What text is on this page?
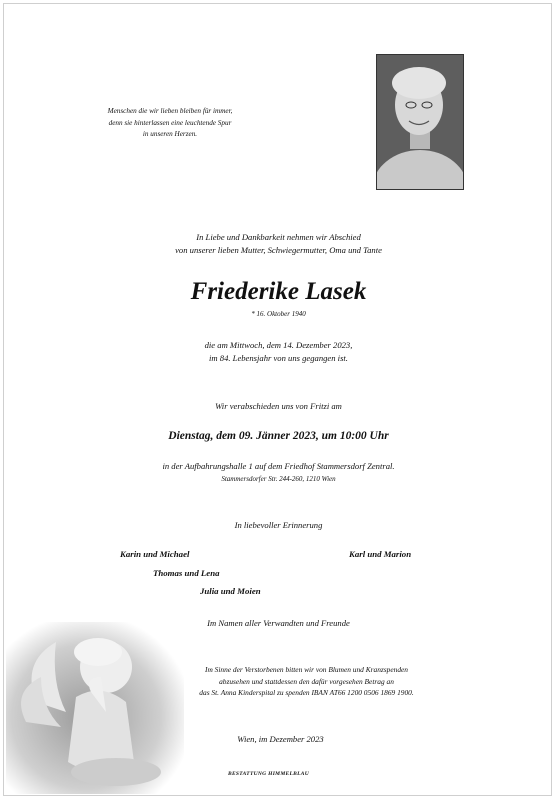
Menschen die wir lieben bleiben für immer,
denn sie hinterlassen eine leuchtende Spur
in unseren Herzen.
In Liebe und Dankbarkeit nehmen wir Abschied
von unserer lieben Mutter, Schwiegermutter, Oma und Tante
Friederike Lasek
* 16. Oktober 1940
die am Mittwoch, dem 14. Dezember 2023,
im 84. Lebensjahr von uns gegangen ist.
Wir verabschieden uns von Fritzi am
Dienstag, dem 09. Jänner 2023, um 10:00 Uhr
in der Aufbahrungshalle 1 auf dem Friedhof Stammersdorf Zentral.
Stammersdorfer Str. 244-260, 1210 Wien
In liebevoller Erinnerung
Karin und Michael	Karl und Marion
Thomas und Lena
Julia und Moien
Im Namen aller Verwandten und Freunde
Im Sinne der Verstorbenen bitten wir von Blumen und Kranzspenden
abzusehen und stattdessen den dafür vorgesehen Betrag an
das St. Anna Kinderspital zu spenden IBAN AT66 1200 0506 1869 1900.
Wien, im Dezember 2023
BESTATTUNG HIMMELBLAU
